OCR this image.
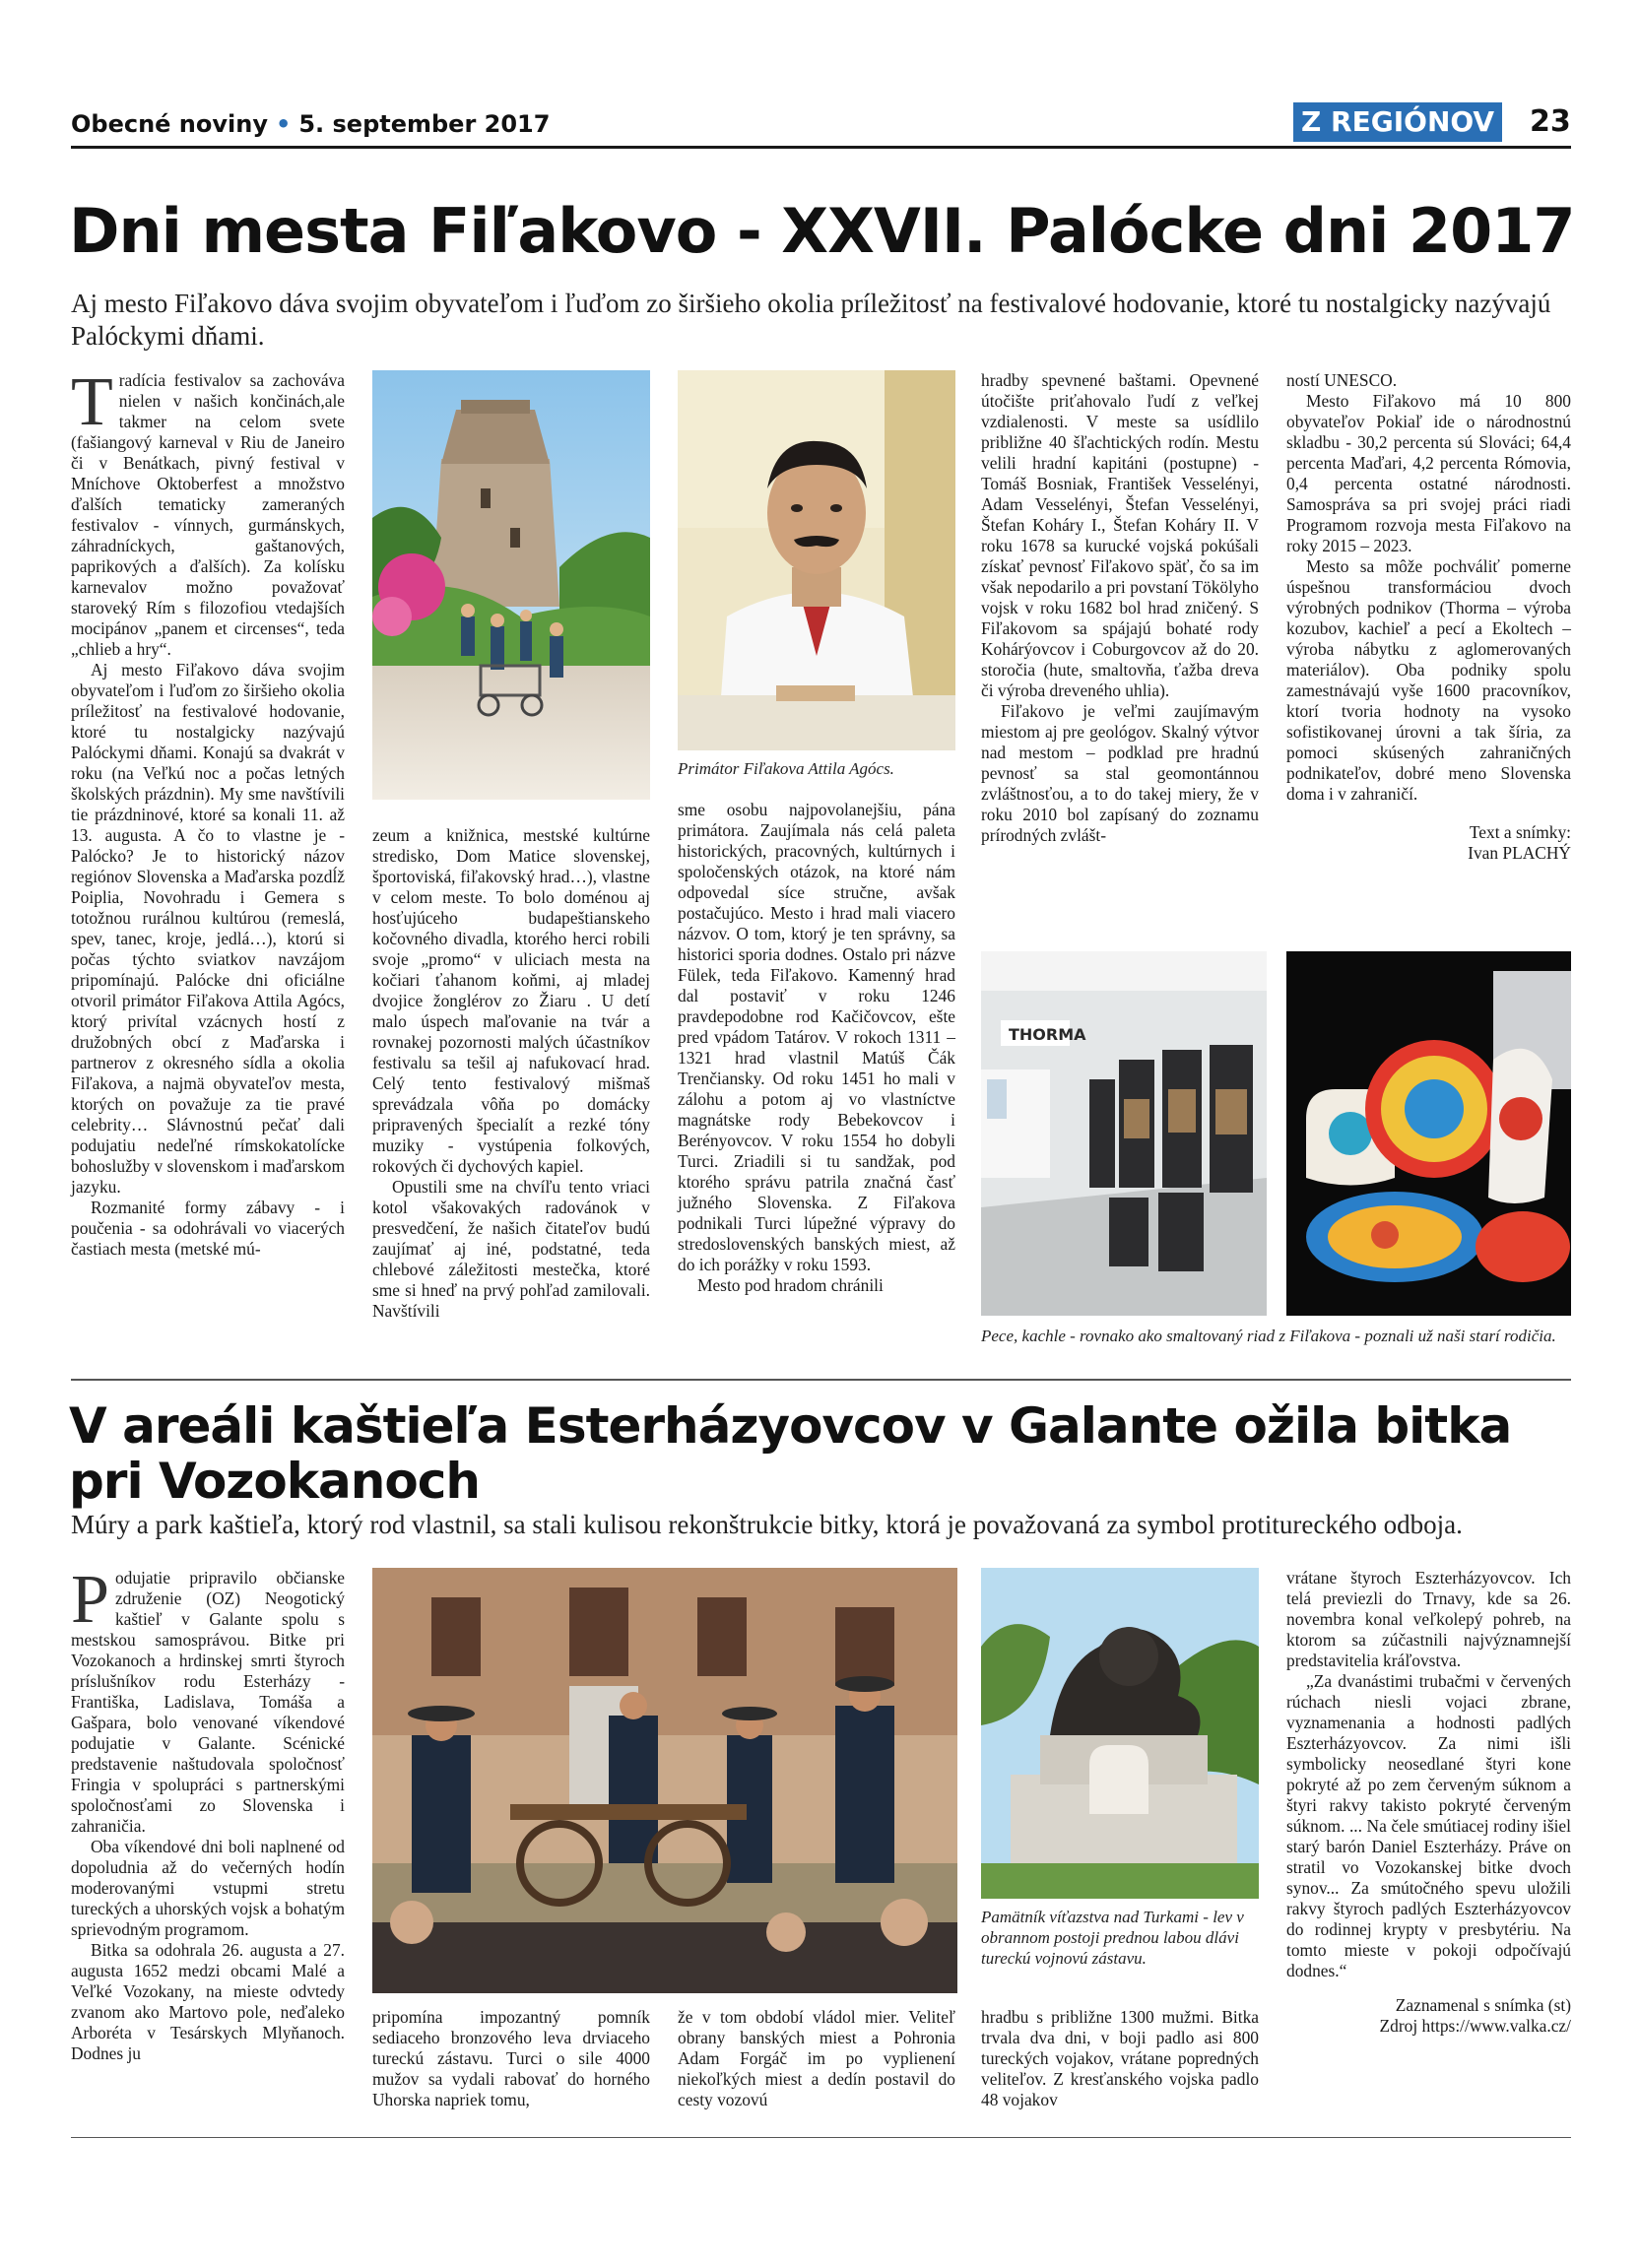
Obecné noviny • 5. september 2017	Z REGIÓNOV 23
Dni mesta Fiľakovo - XXVII. Palócke dni 2017
Aj mesto Fiľakovo dáva svojim obyvateľom i ľuďom zo širšieho okolia príležitosť na festivalové hodovanie, ktoré tu nostalgicky nazývajú Palóckymi dňami.

Tradícia festivalov sa zachováva nielen v našich končinách,ale takmer na celom svete (fašiangový karneval v Riu de Janeiro či v Benátkach, pivný festival v Mníchove Oktoberfest a množstvo ďalších tematicky zameraných festivalov - vínnych, gurmánskych, záhradníckych, gaštanových, paprikových a ďalších). Za kolísku karnevalov možno považovať staroveký Rím s filozofiou vtedajších mocipánov „panem et circenses“, teda „chlieb a hry“.

Aj mesto Fiľakovo dáva svojim obyvateľom i ľuďom zo širšieho okolia príležitosť na festivalové hodovanie, ktoré tu nostalgicky nazývajú Palóckymi dňami. Konajú sa dvakrát v roku (na Veľkú noc a počas letných školských prázdnin). My sme navštívili tie prázdninové, ktoré sa konali 11. až 13. augusta. A čo to vlastne je - Palócko? Je to historický názov regiónov Slovenska a Maďarska pozdĺž Poiplia, Novohradu i Gemera s totožnou rurálnou kultúrou (remeslá, spev, tanec, kroje, jedlá…), ktorú si počas týchto sviatkov navzájom pripomínajú. Palócke dni oficiálne otvoril primátor Fiľakova Attila Agócs, ktorý privítal vzácnych hostí z družobných obcí z Maďarska i partnerov z okresného sídla a okolia Fiľakova, a najmä obyvateľov mesta, ktorých on považuje za tie pravé celebrity… Slávnostnú pečať dali podujatiu nedeľné rímskokatolícke bohoslužby v slovenskom i maďarskom jazyku.

Rozmanité formy zábavy - i poučenia - sa odohrávali vo viacerých častiach mesta (metské mú-

zeum a knižnica, mestské kultúrne stredisko, Dom Matice slovenskej, športoviská, fiľakovský hrad…), vlastne v celom meste. To bolo doménou aj hosťujúceho budapeštianskeho kočovného divadla, ktorého herci robili svoje „promo“ v uliciach mesta na kočiari ťahanom koňmi, aj mladej dvojice žonglérov zo Žiaru . U detí malo úspech maľovanie na tvár a rovnakej pozornosti malých účastníkov festivalu sa tešil aj nafukovací hrad. Celý tento festivalový mišmaš sprevádzala vôňa po domácky pripravených špecialít a rezké tóny muziky - vystúpenia folkových, rokových či dychových kapiel.

Opustili sme na chvíľu tento vriaci kotol všakovakých radovánok v presvedčení, že našich čitateľov budú zaujímať aj iné, podstatné, teda chlebové záležitosti mestečka, ktoré sme si hneď na prvý pohľad zamilovali. Navštívili

Primátor Fiľakova Attila Agócs.

sme osobu najpovolanejšiu, pána primátora. Zaujímala nás celá paleta historických, pracovných, kultúrnych i spoločenských otázok, na ktoré nám odpovedal síce stručne, avšak postačujúco. Mesto i hrad mali viacero názvov. O tom, ktorý je ten správny, sa historici sporia dodnes. Ostalo pri názve Fülek, teda Fiľakovo. Kamenný hrad dal postaviť v roku 1246 pravdepodobne rod Kačičovcov, ešte pred vpádom Tatárov. V rokoch 1311 – 1321 hrad vlastnil Matúš Čák Trenčiansky. Od roku 1451 ho mali v zálohu a potom aj vo vlastníctve magnátske rody Bebekovcov i Berényovcov. V roku 1554 ho dobyli Turci. Zriadili si tu sandžak, pod ktorého správu patrila značná časť južného Slovenska. Z Fiľakova podnikali Turci lúpežné výpravy do stredoslovenských banských miest, až do ich porážky v roku 1593.

Mesto pod hradom chránili

hradby spevnené baštami. Opevnené útočište priťahovalo ľudí z veľkej vzdialenosti. V meste sa usídlilo približne 40 šľachtických rodín. Mestu velili hradní kapitáni (postupne) - Tomáš Bosniak, František Vesselényi, Adam Vesselényi, Štefan Vesselényi, Štefan Koháry I., Štefan Koháry II. V roku 1678 sa kurucké vojská pokúšali získať pevnosť Fiľakovo späť, čo sa im však nepodarilo a pri povstaní Tökölyho vojsk v roku 1682 bol hrad zničený. S Fiľakovom sa spájajú bohaté rody Kohárýovcov i Coburgovcov až do 20. storočia (hute, smaltovňa, ťažba dreva či výroba dreveného uhlia).

Fiľakovo je veľmi zaujímavým miestom aj pre geológov. Skalný výtvor nad mestom – podklad pre hradnú pevnosť sa stal geomontánnou zvláštnosťou, a to do takej miery, že v roku 2010 bol zapísaný do zoznamu prírodných zvlášt-

ností UNESCO.

Mesto Fiľakovo má 10 800 obyvateľov Pokiaľ ide o národnostnú skladbu - 30,2 percenta sú Slováci; 64,4 percenta Maďari, 4,2 percenta Rómovia, 0,4 percenta ostatné národnosti. Samospráva sa pri svojej práci riadi Programom rozvoja mesta Fiľakovo na roky 2015 – 2023.

Mesto sa môže pochváliť pomerne úspešnou transformáciou dvoch výrobných podnikov (Thorma – výroba kozubov, kachieľ a pecí a Ekoltech – výroba nábytku z aglomerovaných materiálov). Oba podniky spolu zamestnávajú vyše 1600 pracovníkov, ktorí tvoria hodnoty na vysoko sofistikovanej úrovni a tak šíria, za pomoci skúsených zahraničných podnikateľov, dobré meno Slovenska doma i v zahraničí.

Text a snímky:

Ivan PLACHÝ

THORMA
Pece, kachle - rovnako ako smaltovaný riad z Fiľakova - poznali už naši starí rodičia.
V areáli kaštieľa Esterházyovcov v Galante ožila bitka pri Vozokanoch
Múry a park kaštieľa, ktorý rod vlastnil, sa stali kulisou rekonštrukcie bitky, ktorá je považovaná za symbol protitureckého odboja.

Podujatie pripravilo občianske združenie (OZ) Neogotický kaštieľ v Galante spolu s mestskou samosprávou. Bitke pri Vozokanoch a hrdinskej smrti štyroch príslušníkov rodu Esterházy - Františka, Ladislava, Tomáša a Gašpara, bolo venované víkendové podujatie v Galante. Scénické predstavenie naštudovala spoločnosť Fringia v spolupráci s partnerskými spoločnosťami zo Slovenska i zahraničia.

Oba víkendové dni boli naplnené od dopoludnia až do večerných hodín moderovanými vstupmi stretu tureckých a uhorských vojsk a bohatým sprievodným programom.

Bitka sa odohrala 26. augusta a 27. augusta 1652 medzi obcami Malé a Veľké Vozokany, na mieste odvtedy zvanom ako Martovo pole, neďaleko Arboréta v Tesárskych Mlyňanoch. Dodnes ju

pripomína impozantný pomník sediaceho bronzového leva drviaceho tureckú zástavu. Turci o sile 4000 mužov sa vydali rabovať do horného Uhorska napriek tomu,

že v tom období vládol mier. Veliteľ obrany banských miest a Pohronia Adam Forgáč im po vyplienení niekoľkých miest a dedín postavil do cesty vozovú

Pamätník víťazstva nad Turkami - lev v obrannom postoji prednou labou dlávi tureckú vojnovú zástavu.

hradbu s približne 1300 mužmi. Bitka trvala dva dni, v boji padlo asi 800 tureckých vojakov, vrátane popredných veliteľov. Z kresťanského vojska padlo 48 vojakov

vrátane štyroch Eszterházyovcov. Ich telá previezli do Trnavy, kde sa 26. novembra konal veľkolepý pohreb, na ktorom sa zúčastnili najvýznamnejší predstavitelia kráľovstva.

„Za dvanástimi trubačmi v červených rúchach niesli vojaci zbrane, vyznamenania a hodnosti padlých Eszterházyovcov. Za nimi išli symbolicky neosedlané štyri kone pokryté až po zem červeným súknom a štyri rakvy takisto pokryté červeným súknom. ... Na čele smútiacej rodiny išiel starý barón Daniel Eszterházy. Práve on stratil vo Vozokanskej bitke dvoch synov... Za smútočného spevu uložili rakvy štyroch padlých Eszterházyovcov do rodinnej krypty v presbytériu. Na tomto mieste v pokoji odpočívajú dodnes.“

Zaznamenal s snímka (st)

Zdroj https://www.valka.cz/
